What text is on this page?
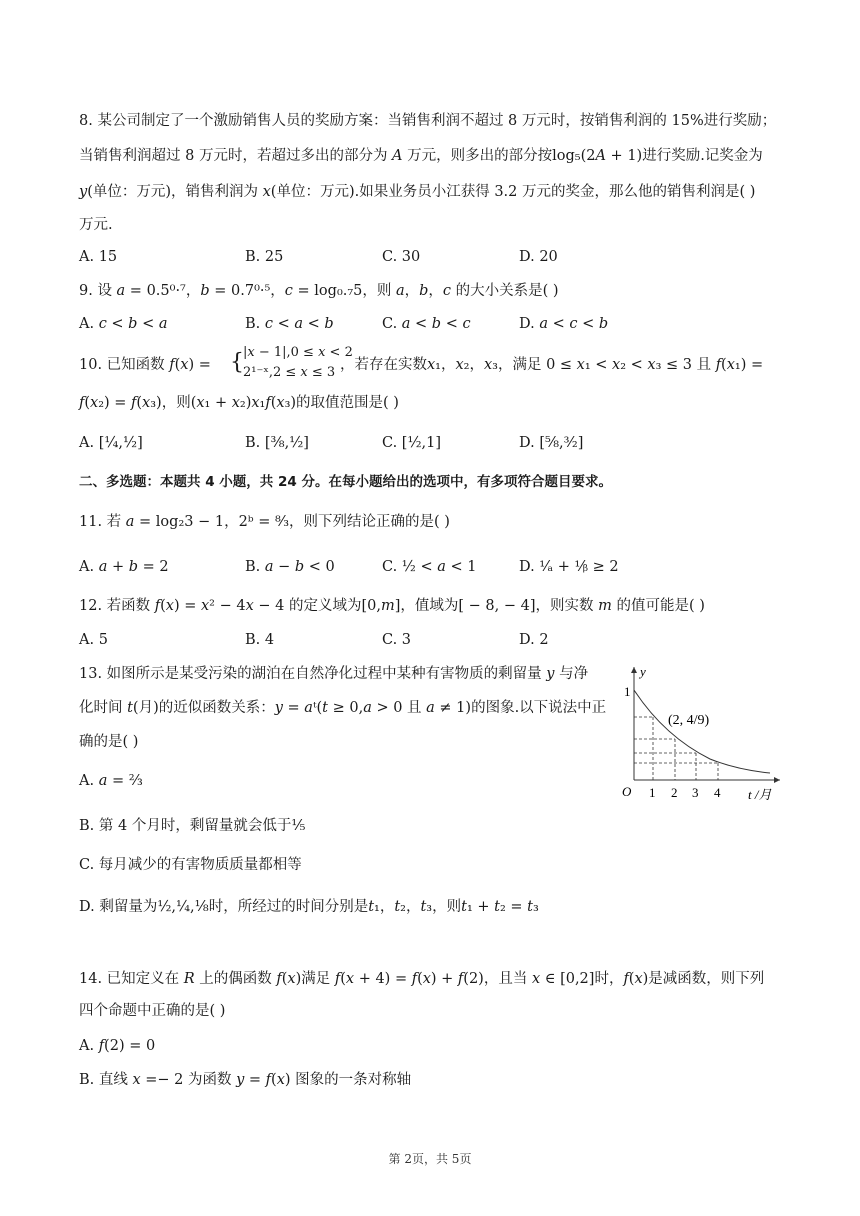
8. 某公司制定了一个激励销售人员的奖励方案：当销售利润不超过 8 万元时，按销售利润的 15%进行奖励；
当销售利润超过 8 万元时，若超过多出的部分为 𝐴 万元，则多出的部分按log₅(2𝐴 + 1)进行奖励.记奖金为
𝑦(单位：万元)，销售利润为 𝑥(单位：万元).如果业务员小江获得 3.2 万元的奖金，那么他的销售利润是( )
万元.
A. 15	B. 25	C. 30	D. 20
9. 设 𝑎 = 0.5⁰·⁷，𝑏 = 0.7⁰·⁵，𝑐 = log₀.₇5，则 𝑎，𝑏，𝑐 的大小关系是( )
A. 𝑐 < 𝑏 < 𝑎	B. 𝑐 < 𝑎 < 𝑏	C. 𝑎 < 𝑏 < 𝑐	D. 𝑎 < 𝑐 < 𝑏
10. 已知函数 𝑓(𝑥) = { |𝑥 − 1|,0 ≤ 𝑥 < 2
2¹⁻ˣ,2 ≤ 𝑥 ≤ 3 ，若存在实数𝑥₁，𝑥₂，𝑥₃，满足 0 ≤ 𝑥₁ < 𝑥₂ < 𝑥₃ ≤ 3 且 𝑓(𝑥₁) =
𝑓(𝑥₂) = 𝑓(𝑥₃)，则(𝑥₁ + 𝑥₂)𝑥₁𝑓(𝑥₃)的取值范围是( )
A. [¼,½]	B. [⅜,½]	C. [½,1]	D. [⅝,³⁄₂]
二、多选题：本题共 4 小题，共 24 分。在每小题给出的选项中，有多项符合题目要求。
11. 若 𝑎 = log₂3 − 1，2ᵇ = ⁸⁄₃，则下列结论正确的是( )
A. 𝑎 + 𝑏 = 2	B. 𝑎 − 𝑏 < 0	C. ½ < 𝑎 < 1	D. ¹⁄ₐ + ¹⁄ᵦ ≥ 2
12. 若函数 𝑓(𝑥) = 𝑥² − 4𝑥 − 4 的定义域为[0,𝑚]，值域为[ − 8, − 4]，则实数 𝑚 的值可能是( )
A. 5	B. 4	C. 3	D. 2
13. 如图所示是某受污染的湖泊在自然净化过程中某种有害物质的剩留量 𝑦 与净
化时间 𝑡(月)的近似函数关系：𝑦 = 𝑎ᵗ(𝑡 ≥ 0,𝑎 > 0 且 𝑎 ≠ 1)的图象.以下说法中正
确的是( )
A. 𝑎 = ⅔
B. 第 4 个月时，剩留量就会低于⅕
C. 每月减少的有害物质质量都相等
D. 剩留量为½,¼,⅛时，所经过的时间分别是𝑡₁，𝑡₂，𝑡₃，则𝑡₁ + 𝑡₂ = 𝑡₃
y
1
O 1 2 3 4 t /月
(2, 4/9)
14. 已知定义在 𝑅 上的偶函数 𝑓(𝑥)满足 𝑓(𝑥 + 4) = 𝑓(𝑥) + 𝑓(2)，且当 𝑥 ∈ [0,2]时，𝑓(𝑥)是减函数，则下列
四个命题中正确的是( )
A. 𝑓(2) = 0
B. 直线 𝑥 =− 2 为函数 𝑦 = 𝑓(𝑥) 图象的一条对称轴
第 2页，共 5页
